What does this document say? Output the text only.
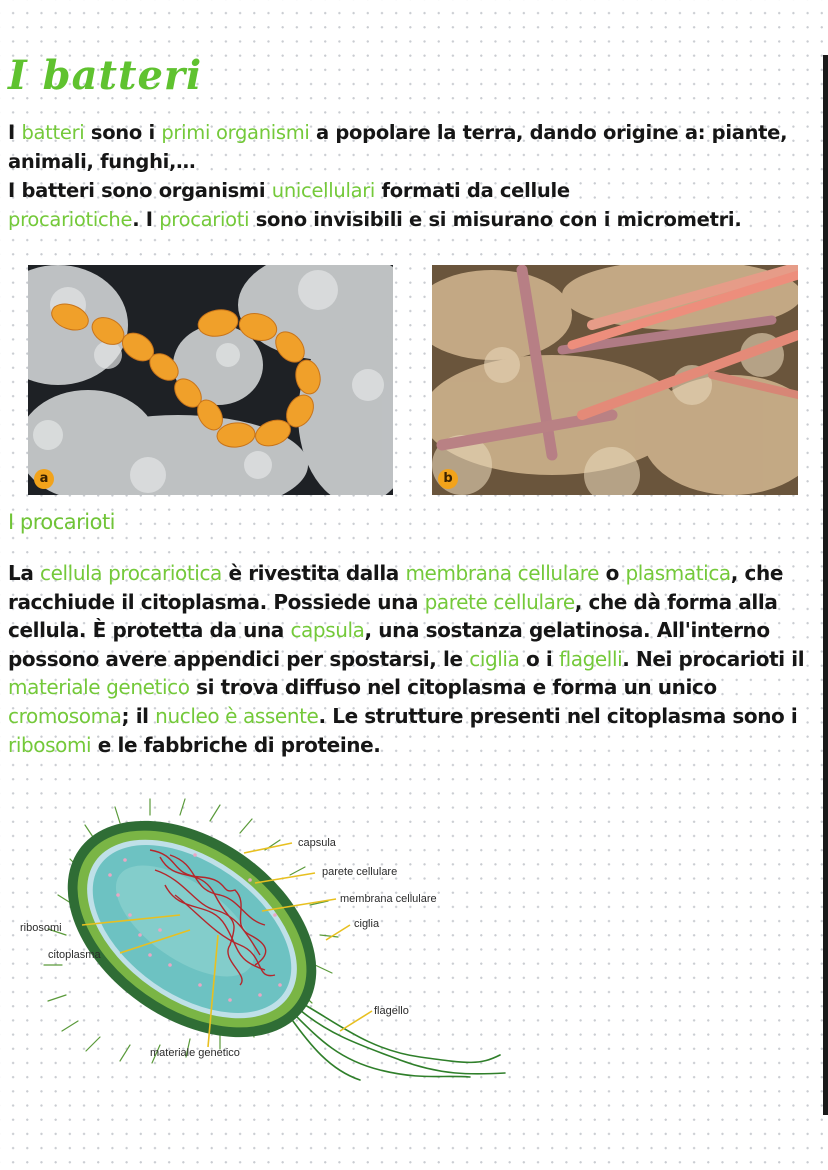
I batteri

I batteri sono i primi organismi a popolare la terra, dando origine a: piante, animali, funghi,…
I batteri sono organismi unicellulari formati da cellule
procariotiche. I procarioti sono invisibili e si misurano con i micrometri.

a	b
I procarioti

La cellula procariotica è rivestita dalla membrana cellulare o plasmatica, che racchiude il citoplasma. Possiede una parete cellulare, che dà forma alla cellula. È protetta da una capsula, una sostanza gelatinosa. All'interno possono avere appendici per spostarsi, le ciglia o i flagelli. Nei procarioti il materiale genetico si trova diffuso nel citoplasma e forma un unico cromosoma; il nucleo è assente. Le strutture presenti nel citoplasma sono i ribosomi e le fabbriche di proteine.

capsula
parete cellulare
membrana cellulare
ciglia
ribosomi
citoplasma
flagello
materiale genetico
